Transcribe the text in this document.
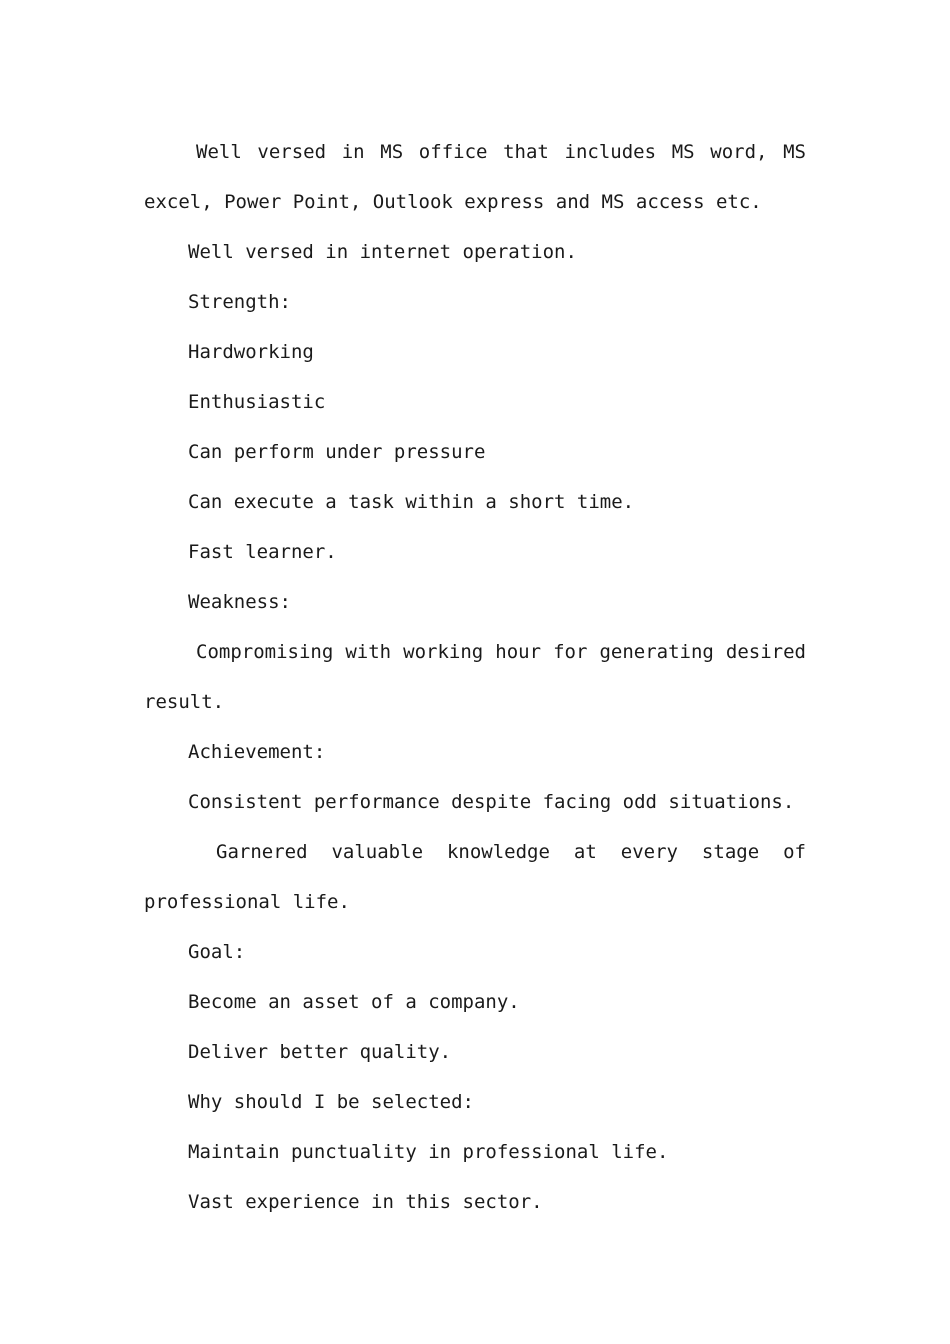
Well versed in MS office that includes MS word, MS excel, Power Point, Outlook express and MS access etc.

Well versed in internet operation.

Strength:

Hardworking

Enthusiastic

Can perform under pressure

Can execute a task within a short time.

Fast learner.

Weakness:

Compromising with working hour for generating desired result.

Achievement:

Consistent performance despite facing odd situations.

Garnered valuable knowledge at every stage of professional life.

Goal:

Become an asset of a company.

Deliver better quality.

Why should I be selected:

Maintain punctuality in professional life.

Vast experience in this sector.
